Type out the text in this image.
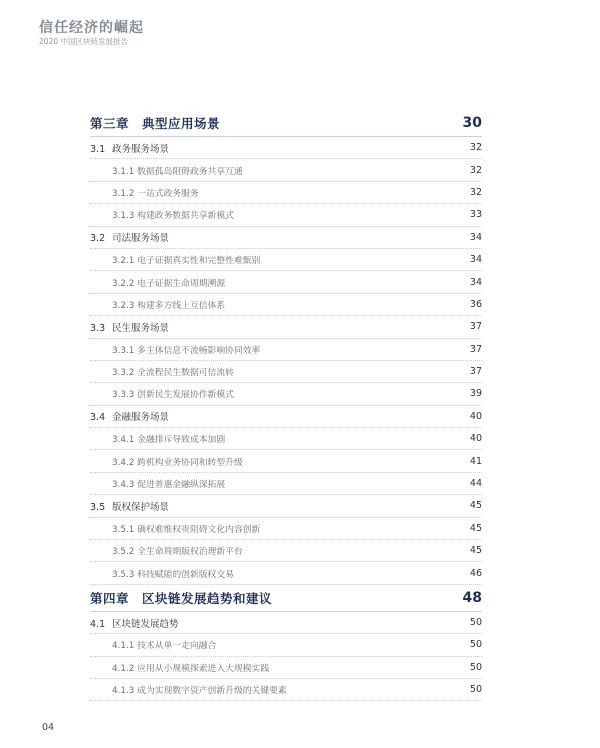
信任经济的崛起
2020 中国区块链发展报告
第三章　典型应用场景	30
3.1 政务服务场景	32
3.1.1 数据孤岛阻碍政务共享互通	32
3.1.2 一站式政务服务	32
3.1.3 构建政务数据共享新模式	33
3.2 司法服务场景	34
3.2.1 电子证据真实性和完整性难甄别	34
3.2.2 电子证据生命周期溯源	34
3.2.3 构建多方线上互信体系	36
3.3 民生服务场景	37
3.3.1 多主体信息不流畅影响协同效率	37
3.3.2 全流程民生数据可信流转	37
3.3.3 创新民生发展协作新模式	39
3.4 金融服务场景	40
3.4.1 金融排斥导致成本加剧	40
3.4.2 跨机构业务协同和转型升级	41
3.4.3 促进普惠金融纵深拓展	44
3.5 版权保护场景	45
3.5.1 确权难维权贵阻碍文化内容创新	45
3.5.2 全生命周期版权治理新平台	45
3.5.3 科技赋能的创新版权交易	46
第四章　区块链发展趋势和建议	48
4.1 区块链发展趋势	50
4.1.1 技术从单一走向融合	50
4.1.2 应用从小规模探索进入大规模实践	50
4.1.3 成为实现数字资产创新升级的关键要素	50
04
